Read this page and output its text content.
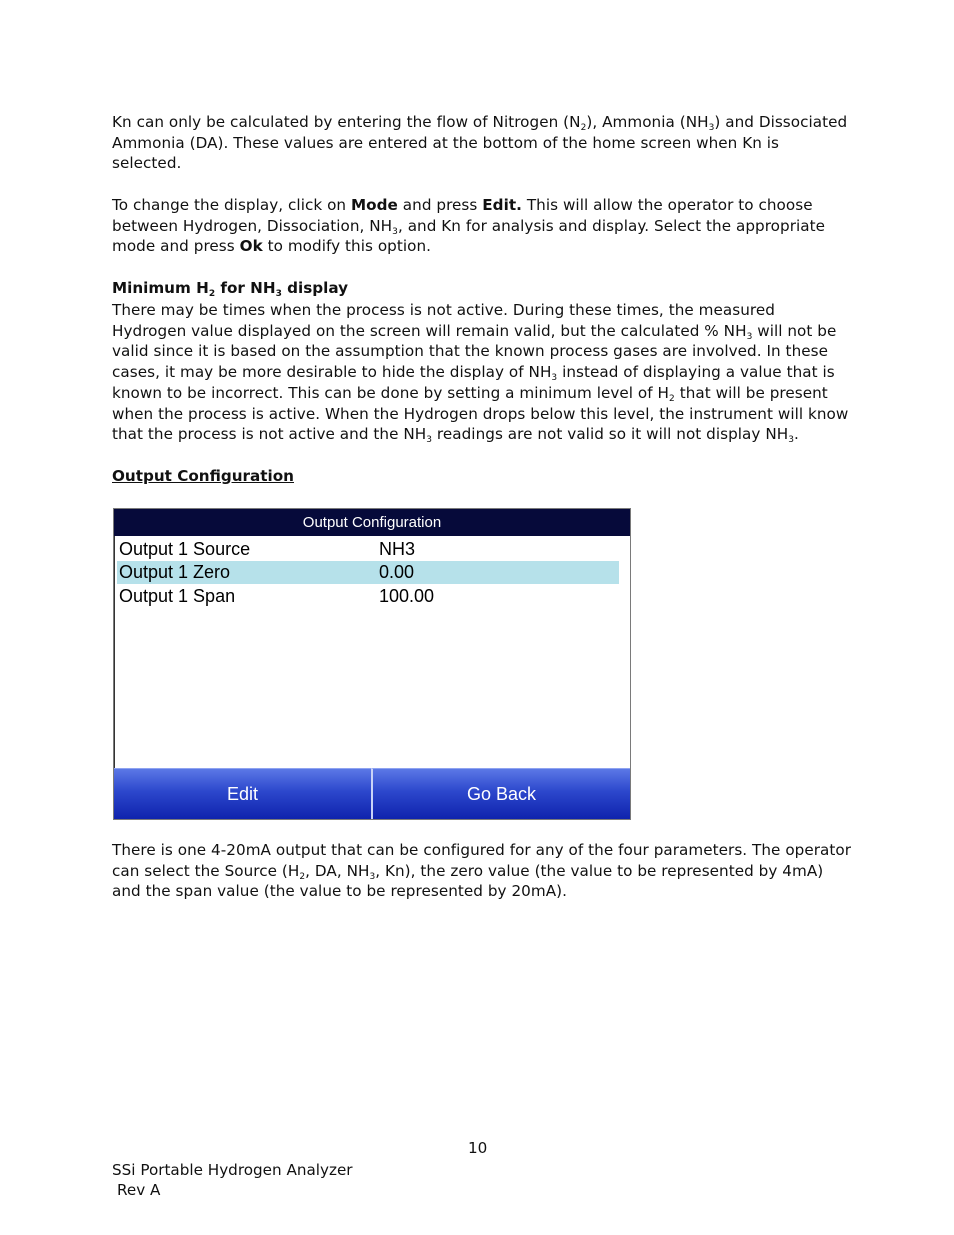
Kn can only be calculated by entering the flow of Nitrogen $(N_2)$, Ammonia $(NH_3)$ and Dissociated Ammonia (DA). These values are entered at the bottom of the home screen when Kn is selected.

To change the display, click on Mode and press Edit. This will allow the operator to choose between Hydrogen, Dissociation, $NH_3$, and Kn for analysis and display. Select the appropriate mode and press Ok to modify this option.

Minimum $H_2$ for $NH_3$ display

There may be times when the process is not active. During these times, the measured Hydrogen value displayed on the screen will remain valid, but the calculated % $NH_3$ will not be valid since it is based on the assumption that the known process gases are involved. In these cases, it may be more desirable to hide the display of $NH_3$ instead of displaying a value that is known to be incorrect. This can be done by setting a minimum level of $H_2$ that will be present when the process is active. When the Hydrogen drops below this level, the instrument will know that the process is not active and the $NH_3$ readings are not valid so it will not display $NH_3$.

Output Configuration

Output Configuration
Output 1 Source	NH3
Output 1 Zero	0.00
Output 1 Span	100.00
Edit	Go Back

There is one 4-20mA output that can be configured for any of the four parameters. The operator can select the Source ($H_2$, DA, $NH_3$, Kn), the zero value (the value to be represented by 4mA) and the span value (the value to be represented by 20mA).

10

SSi Portable Hydrogen Analyzer

Rev A
